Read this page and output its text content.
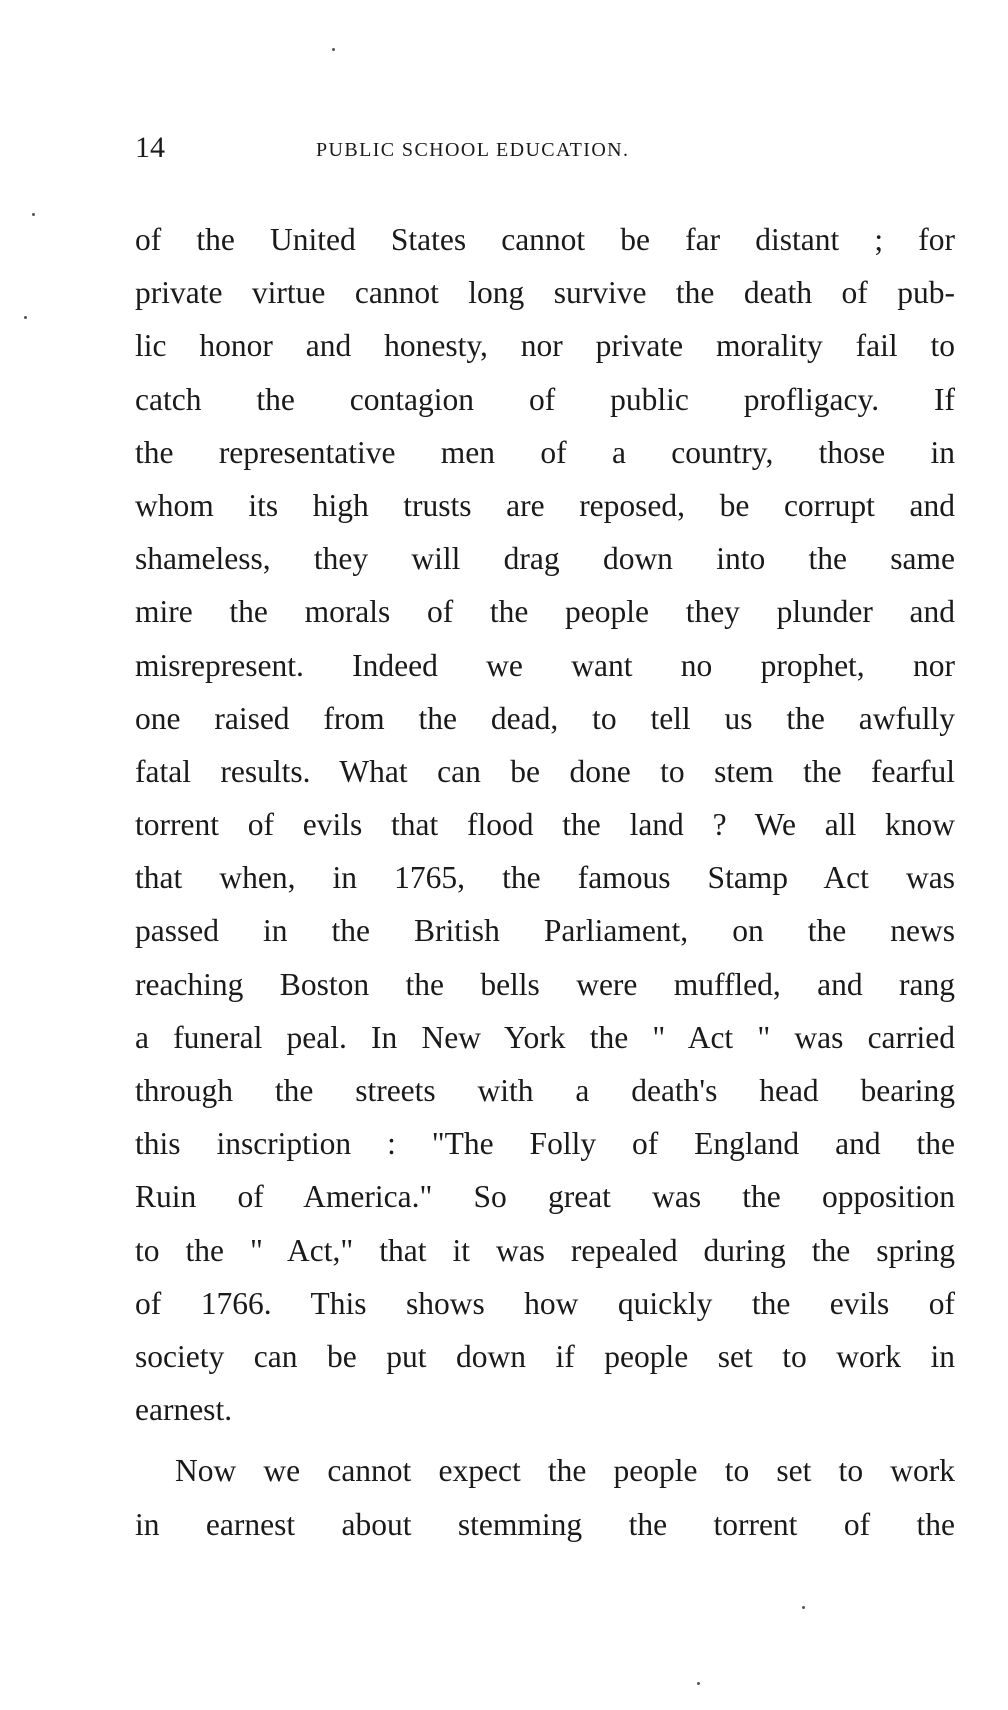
14	PUBLIC SCHOOL EDUCATION.
of the United States cannot be far distant ; for
private virtue cannot long survive the death of pub-
lic honor and honesty, nor private morality fail to
catch the contagion of public profligacy. If
the representative men of a country, those in
whom its high trusts are reposed, be corrupt and
shameless, they will drag down into the same
mire the morals of the people they plunder and
misrepresent. Indeed we want no prophet, nor
one raised from the dead, to tell us the awfully
fatal results. What can be done to stem the fearful
torrent of evils that flood the land ? We all know
that when, in 1765, the famous Stamp Act was
passed in the British Parliament, on the news
reaching Boston the bells were muffled, and rang
a funeral peal. In New York the " Act " was carried
through the streets with a death's head bearing
this inscription : "The Folly of England and the
Ruin of America." So great was the opposition
to the " Act," that it was repealed during the spring
of 1766. This shows how quickly the evils of
society can be put down if people set to work in
earnest.
Now we cannot expect the people to set to work
in earnest about stemming the torrent of the
